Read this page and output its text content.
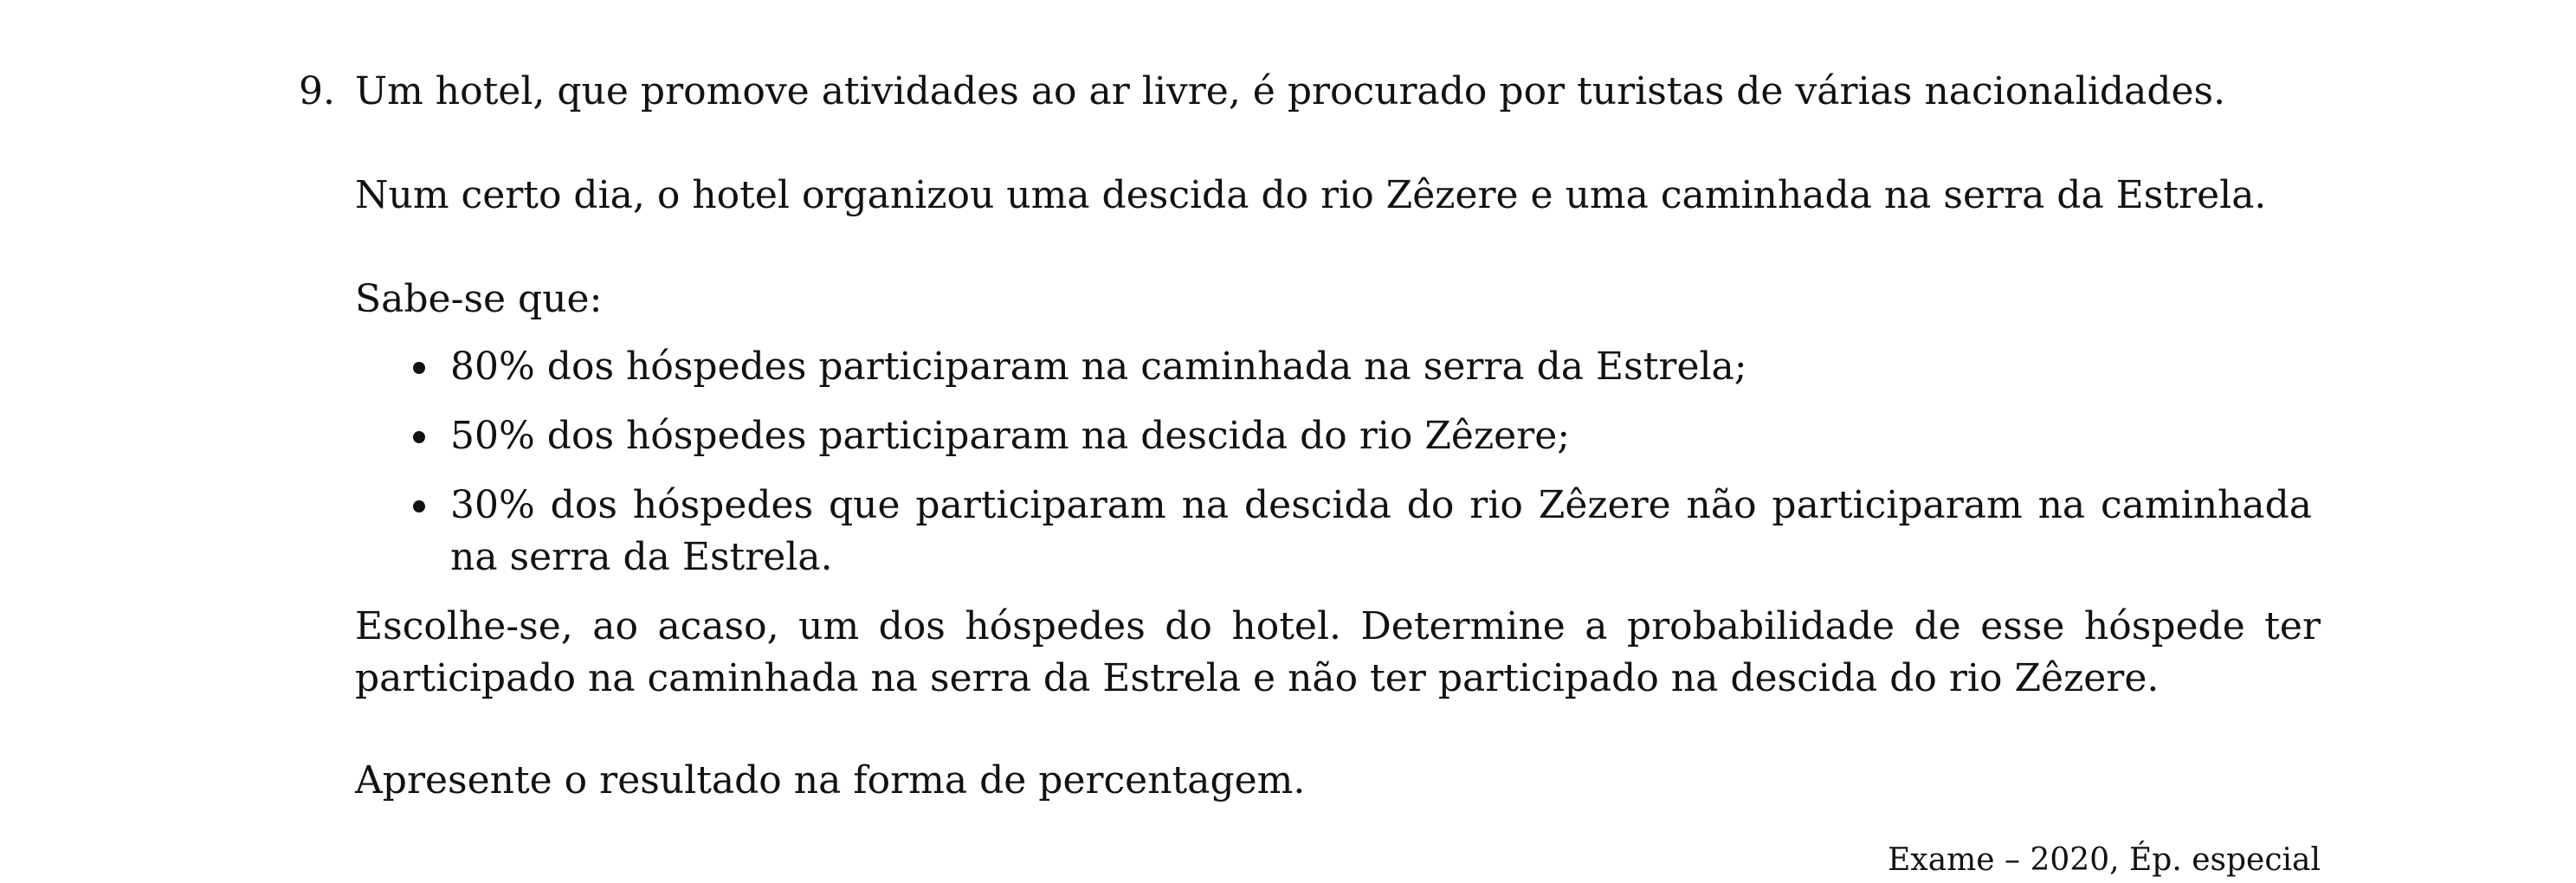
9. Um hotel, que promove atividades ao ar livre, é procurado por turistas de várias nacionalidades.
Num certo dia, o hotel organizou uma descida do rio Zêzere e uma caminhada na serra da Estrela.
Sabe-se que:
80% dos hóspedes participaram na caminhada na serra da Estrela;
50% dos hóspedes participaram na descida do rio Zêzere;
30% dos hóspedes que participaram na descida do rio Zêzere não participaram na caminhada na serra da Estrela.
Escolhe-se, ao acaso, um dos hóspedes do hotel. Determine a probabilidade de esse hóspede ter participado na caminhada na serra da Estrela e não ter participado na descida do rio Zêzere.
Apresente o resultado na forma de percentagem.
Exame – 2020, Ép. especial
